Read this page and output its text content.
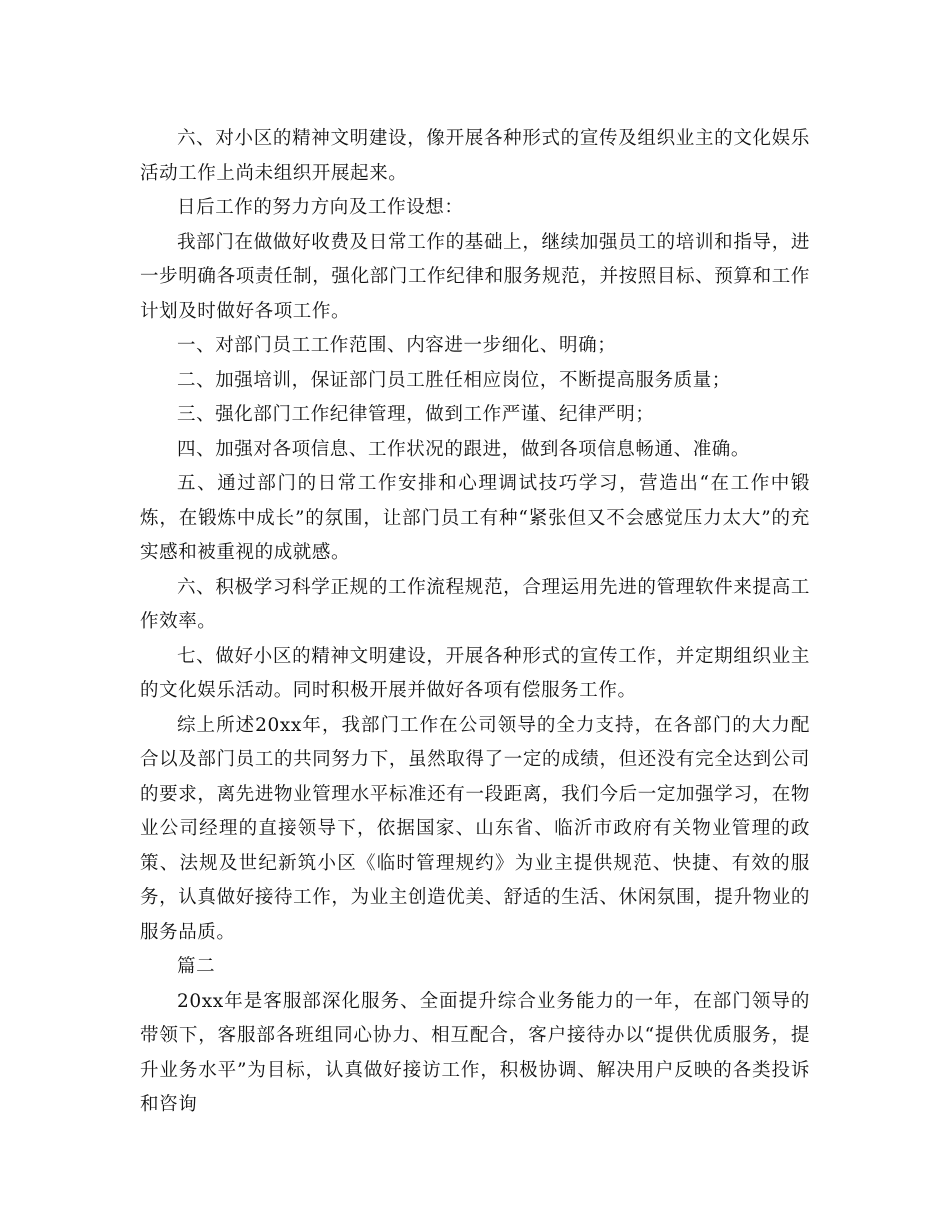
六、对小区的精神文明建设，像开展各种形式的宣传及组织业主的文化娱乐活动工作上尚未组织开展起来。

日后工作的努力方向及工作设想：

我部门在做做好收费及日常工作的基础上，继续加强员工的培训和指导，进一步明确各项责任制，强化部门工作纪律和服务规范，并按照目标、预算和工作计划及时做好各项工作。

一、对部门员工工作范围、内容进一步细化、明确；

二、加强培训，保证部门员工胜任相应岗位，不断提高服务质量；

三、强化部门工作纪律管理，做到工作严谨、纪律严明；

四、加强对各项信息、工作状况的跟进，做到各项信息畅通、准确。

五、通过部门的日常工作安排和心理调试技巧学习，营造出“在工作中锻炼，在锻炼中成长”的氛围，让部门员工有种“紧张但又不会感觉压力太大”的充实感和被重视的成就感。

六、积极学习科学正规的工作流程规范，合理运用先进的管理软件来提高工作效率。

七、做好小区的精神文明建设，开展各种形式的宣传工作，并定期组织业主的文化娱乐活动。同时积极开展并做好各项有偿服务工作。

综上所述20xx年，我部门工作在公司领导的全力支持，在各部门的大力配合以及部门员工的共同努力下，虽然取得了一定的成绩，但还没有完全达到公司的要求，离先进物业管理水平标准还有一段距离，我们今后一定加强学习，在物业公司经理的直接领导下，依据国家、山东省、临沂市政府有关物业管理的政策、法规及世纪新筑小区《临时管理规约》为业主提供规范、快捷、有效的服务，认真做好接待工作，为业主创造优美、舒适的生活、休闲氛围，提升物业的服务品质。

篇二

20xx年是客服部深化服务、全面提升综合业务能力的一年，在部门领导的带领下，客服部各班组同心协力、相互配合，客户接待办以“提供优质服务，提升业务水平”为目标，认真做好接访工作，积极协调、解决用户反映的各类投诉和咨询
